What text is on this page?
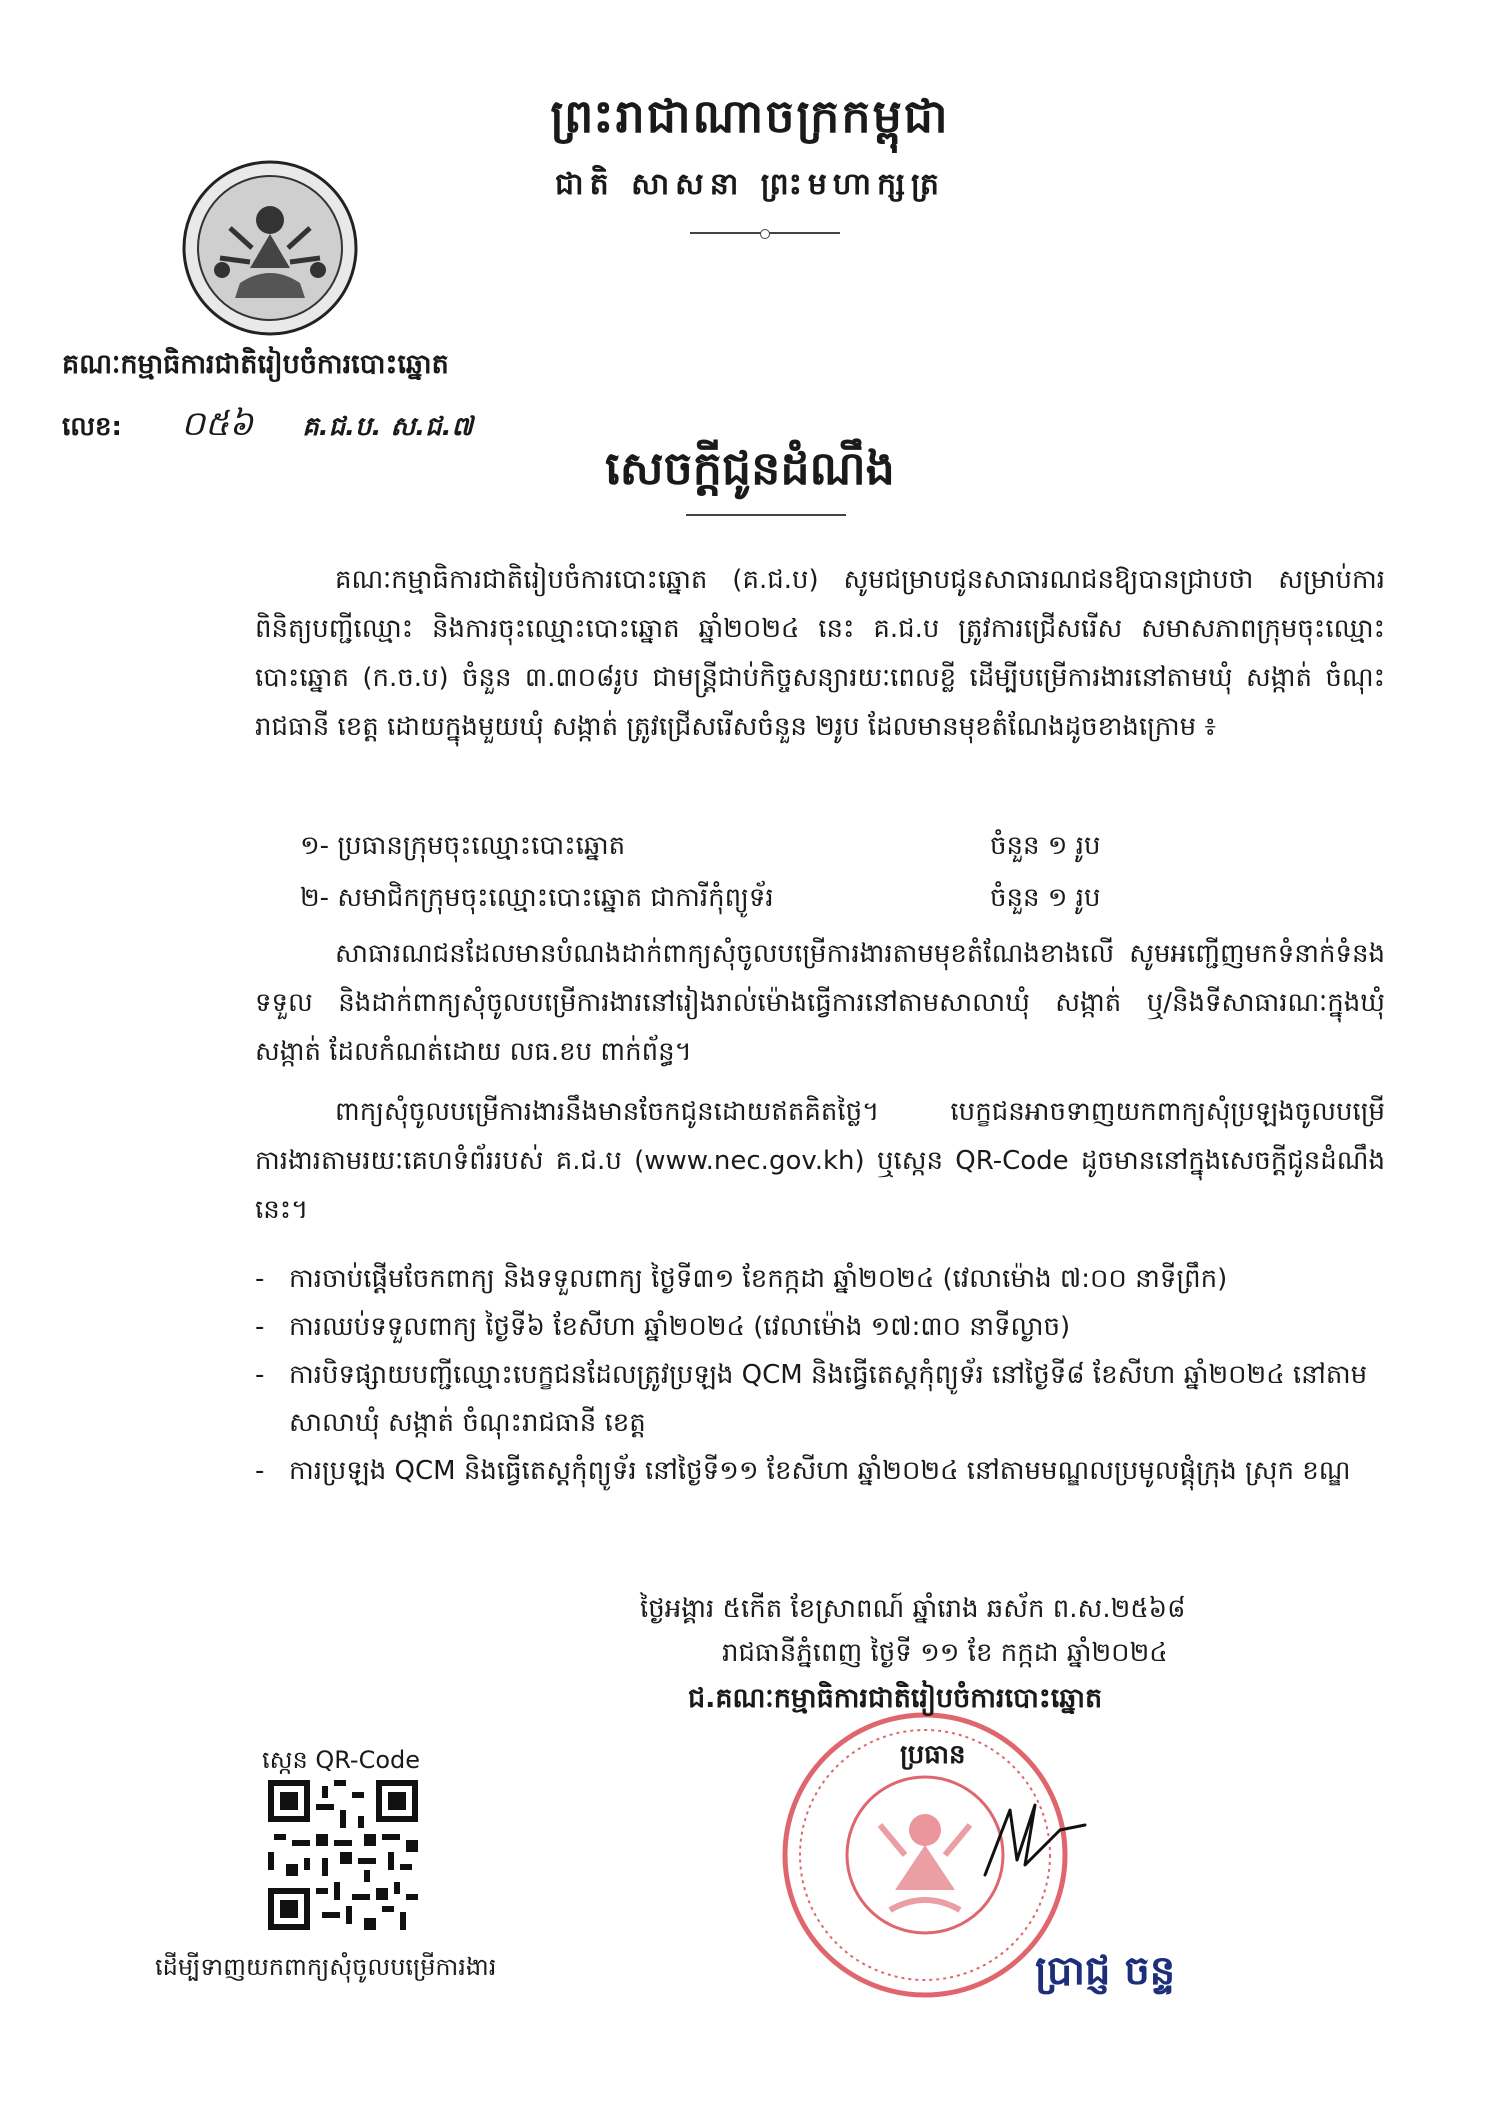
ព្រះរាជាណាចក្រកម្ពុជា
ជាតិ សាសនា ព្រះមហាក្សត្រ
គណៈកម្មាធិការជាតិរៀបចំការបោះឆ្នោត
លេខ: ០៥៦ គ.ជ.ប. ស.ជ.៧
សេចក្តីជូនដំណឹង
គណៈកម្មាធិការជាតិរៀបចំការបោះឆ្នោត (គ.ជ.ប) សូមជម្រាបជូនសាធារណជនឱ្យបានជ្រាបថា សម្រាប់ការពិនិត្យបញ្ជីឈ្មោះ និងការចុះឈ្មោះបោះឆ្នោត ឆ្នាំ២០២៤ នេះ គ.ជ.ប ត្រូវការជ្រើសរើស សមាសភាពក្រុមចុះឈ្មោះបោះឆ្នោត (ក.ច.ប) ចំនួន ៣.៣០៨រូប ជាមន្ត្រីជាប់កិច្ចសន្យារយៈពេលខ្លី ដើម្បីបម្រើការងារនៅតាមឃុំ សង្កាត់ ចំណុះរាជធានី ខេត្ត ដោយក្នុងមួយឃុំ សង្កាត់ ត្រូវជ្រើសរើសចំនួន ២រូប ដែលមានមុខតំណែងដូចខាងក្រោម ៖
១- ប្រធានក្រុមចុះឈ្មោះបោះឆ្នោត	ចំនួន ១ រូប
២- សមាជិកក្រុមចុះឈ្មោះបោះឆ្នោត ជាការីកុំព្យូទ័រ	ចំនួន ១ រូប
សាធារណជនដែលមានបំណងដាក់ពាក្យសុំចូលបម្រើការងារតាមមុខតំណែងខាងលើ សូមអញ្ជើញមកទំនាក់ទំនងទទួល និងដាក់ពាក្យសុំចូលបម្រើការងារនៅរៀងរាល់ម៉ោងធ្វើការនៅតាមសាលាឃុំ សង្កាត់ ឬ/និងទីសាធារណៈក្នុងឃុំ សង្កាត់ ដែលកំណត់ដោយ លធ.ខប ពាក់ព័ន្ធ។
ពាក្យសុំចូលបម្រើការងារនឹងមានចែកជូនដោយឥតគិតថ្លៃ។ បេក្ខជនអាចទាញយកពាក្យសុំប្រឡងចូលបម្រើការងារតាមរយៈគេហទំព័ររបស់ គ.ជ.ប (www.nec.gov.kh) ឬស្កេន QR-Code ដូចមាននៅក្នុងសេចក្តីជូនដំណឹងនេះ។
- ការចាប់ផ្តើមចែកពាក្យ និងទទួលពាក្យ ថ្ងៃទី៣១ ខែកក្កដា ឆ្នាំ២០២៤ (វេលាម៉ោង ៧:០០ នាទីព្រឹក)
- ការឈប់ទទួលពាក្យ ថ្ងៃទី៦ ខែសីហា ឆ្នាំ២០២៤ (វេលាម៉ោង ១៧:៣០ នាទីល្ងាច)
- ការបិទផ្សាយបញ្ជីឈ្មោះបេក្ខជនដែលត្រូវប្រឡង QCM និងធ្វើតេស្តកុំព្យូទ័រ នៅថ្ងៃទី៨ ខែសីហា ឆ្នាំ២០២៤ នៅតាមសាលាឃុំ សង្កាត់ ចំណុះរាជធានី ខេត្ត
- ការប្រឡង QCM និងធ្វើតេស្តកុំព្យូទ័រ នៅថ្ងៃទី១១ ខែសីហា ឆ្នាំ២០២៤ នៅតាមមណ្ឌលប្រមូលផ្តុំក្រុង ស្រុក ខណ្ឌ
ថ្ងៃអង្គារ ៥កើត ខែស្រាពណ៍ ឆ្នាំរោង ឆស័ក ព.ស.២៥៦៨
រាជធានីភ្នំពេញ ថ្ងៃទី ១១ ខែ កក្កដា ឆ្នាំ២០២៤
ជ.គណៈកម្មាធិការជាតិរៀបចំការបោះឆ្នោត
ប្រធាន
ប្រាជ្ញ ចន្ទ
ស្កេន QR-Code
ដើម្បីទាញយកពាក្យសុំចូលបម្រើការងារ
